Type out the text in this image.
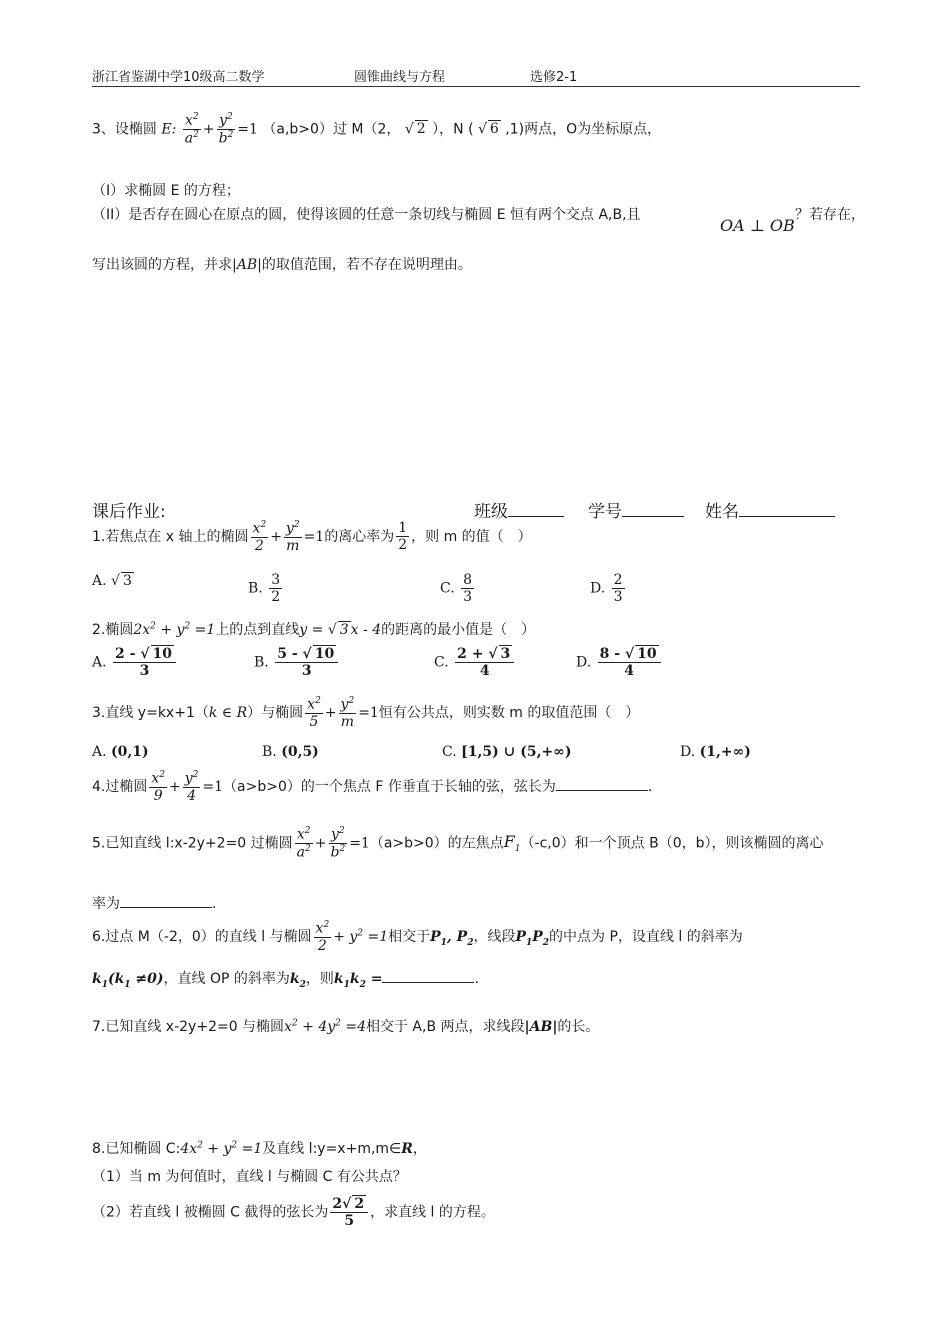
浙江省鉴湖中学10级高二数学	圆锥曲线与方程	选修2-1
3、设椭圆 E: $\frac{x^2}{a^2} + \frac{y^2}{b^2} =1$ （a,b>0）过 M（2， √ 2 ），N ( √ 6 ,1)两点，O为坐标原点，
（I）求椭圆 E 的方程；
（II）是否存在圆心在原点的圆，使得该圆的任意一条切线与椭圆 E 恒有两个交点 A,B,且
OA ⊥ OB
？若存在，
写出该圆的方程，并求|AB|的取值范围，若不存在说明理由。
课后作业:	班级	学号	姓名
1.若焦点在 x 轴上的椭圆 $\frac{x^2}{2} + \frac{y^2}{m} =1$的离心率为 $\frac{1}{2}$ ，则 m 的值（　）
A. √ 3	B. $\frac{3}{2}$	C. $\frac{8}{3}$	D. $\frac{2}{3}$
2.椭圆$2x^2 + y^2 =1$上的点到直线y = √ 3 x - 4的距离的最小值是（　）
A. $\frac{2 - √ 10}{3}$	B. $\frac{5 - √ 10}{3}$	C. $\frac{2 + √ 3}{4}$	D. $\frac{8 - √ 10}{4}$
3.直线 y=kx+1（k ∈ R）与椭圆 $\frac{x^2}{5} + \frac{y^2}{m} =1$恒有公共点，则实数 m 的取值范围（　）
A. (0,1)	B. (0,5)	C. [1,5) ∪ (5,+∞)	D. (1,+∞)
4.过椭圆 $\frac{x^2}{9} + \frac{y^2}{4} =1(a>b>0)$的一个焦点 F 作垂直于长轴的弦，弦长为	.
5.已知直线 l:x-2y+2=0 过椭圆 $\frac{x^2}{a^2} + \frac{y^2}{b^2} =1(a>b>0)$的左焦点$F_1(-c,0)$和一个顶点 B（0，b），则该椭圆的离心
率为	.
6.过点 M（-2，0）的直线 l 与椭圆 $\frac{x^2}{2} + y^2 =1$相交于$P_1$, $P_2$，线段$P_1P_2$的中点为 P，设直线 l 的斜率为
$k_1(k_1 \ne 0)$，直线 OP 的斜率为$k_2$，则$k_1k_2$ =	.
7.已知直线 x-2y+2=0 与椭圆$x^2 + 4y^2 =4$相交于 A,B 两点，求线段|AB|的长。
8.已知椭圆 $C:4x^2 + y^2 =1$及直线 l:y=x+m,m∈R，
（1）当 m 为何值时，直线 l 与椭圆 C 有公共点？
（2）若直线 l 被椭圆 C 截得的弦长为 $\frac{2√ 2}{5}$ ，求直线 l 的方程。
